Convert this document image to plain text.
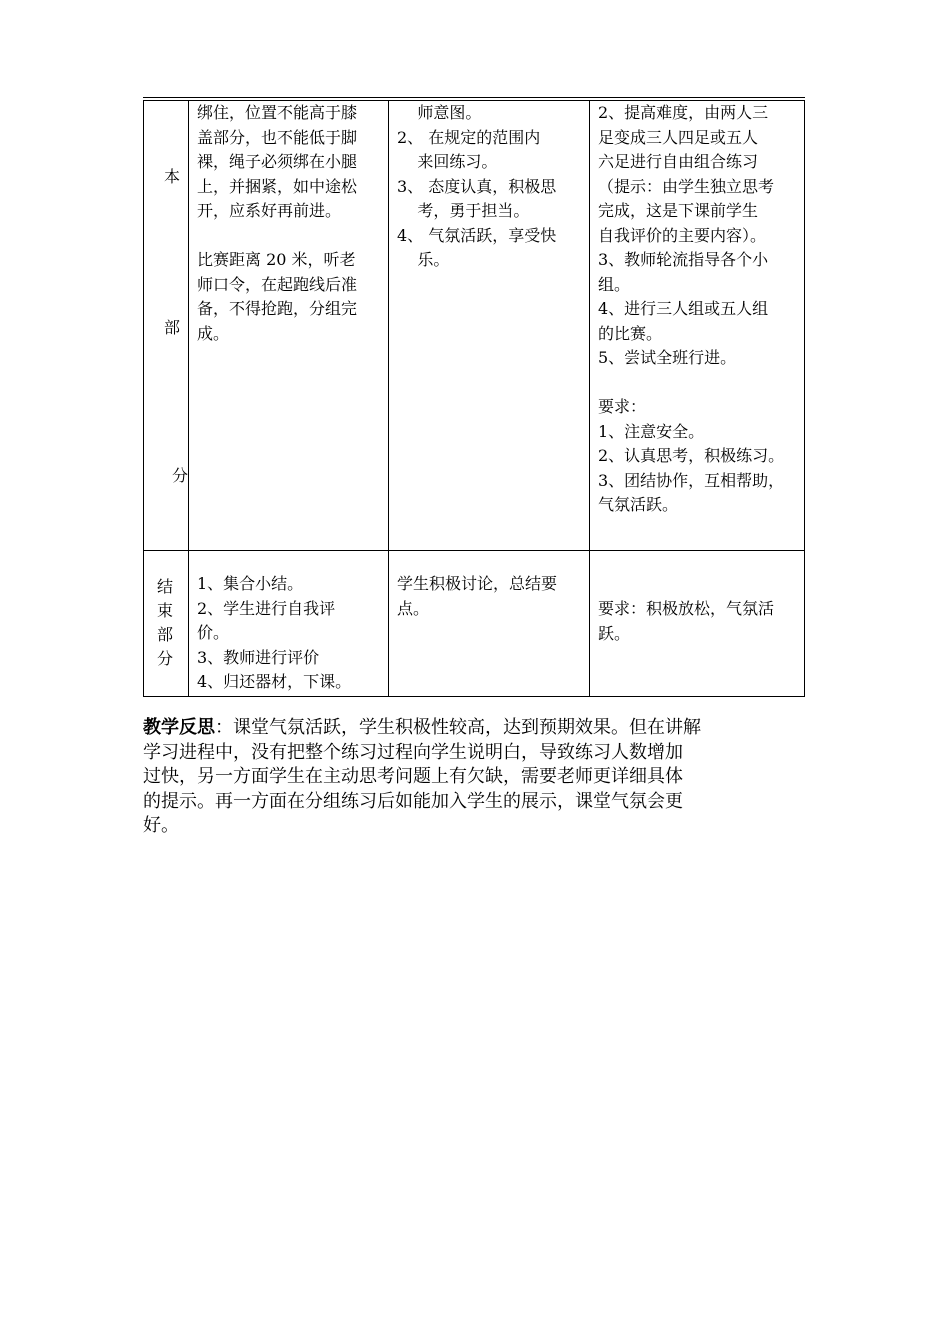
本
部
分
绑住，位置不能高于膝
盖部分，也不能低于脚
裸，绳子必须绑在小腿
上，并捆紧，如中途松
开，应系好再前进。
比赛距离 20 米，听老
师口令，在起跑线后准
备，不得抢跑，分组完
成。
师意图。
2、 在规定的范围内
来回练习。
3、 态度认真，积极思
考，勇于担当。
4、 气氛活跃，享受快
乐。
2、提高难度，由两人三
足变成三人四足或五人
六足进行自由组合练习
（提示：由学生独立思考
完成，这是下课前学生
自我评价的主要内容）。
3、教师轮流指导各个小
组。
4、进行三人组或五人组
的比赛。
5、尝试全班行进。
要求：
1、注意安全。
2、认真思考，积极练习。
3、团结协作，互相帮助，
气氛活跃。
结
束
部
分
1、集合小结。
2、学生进行自我评
价。
3、教师进行评价
4、归还器材，下课。
学生积极讨论，总结要
点。	要求：积极放松，气氛活
跃。
教学反思：课堂气氛活跃，学生积极性较高，达到预期效果。但在讲解
学习进程中，没有把整个练习过程向学生说明白，导致练习人数增加
过快，另一方面学生在主动思考问题上有欠缺，需要老师更详细具体
的提示。再一方面在分组练习后如能加入学生的展示，课堂气氛会更
好。
